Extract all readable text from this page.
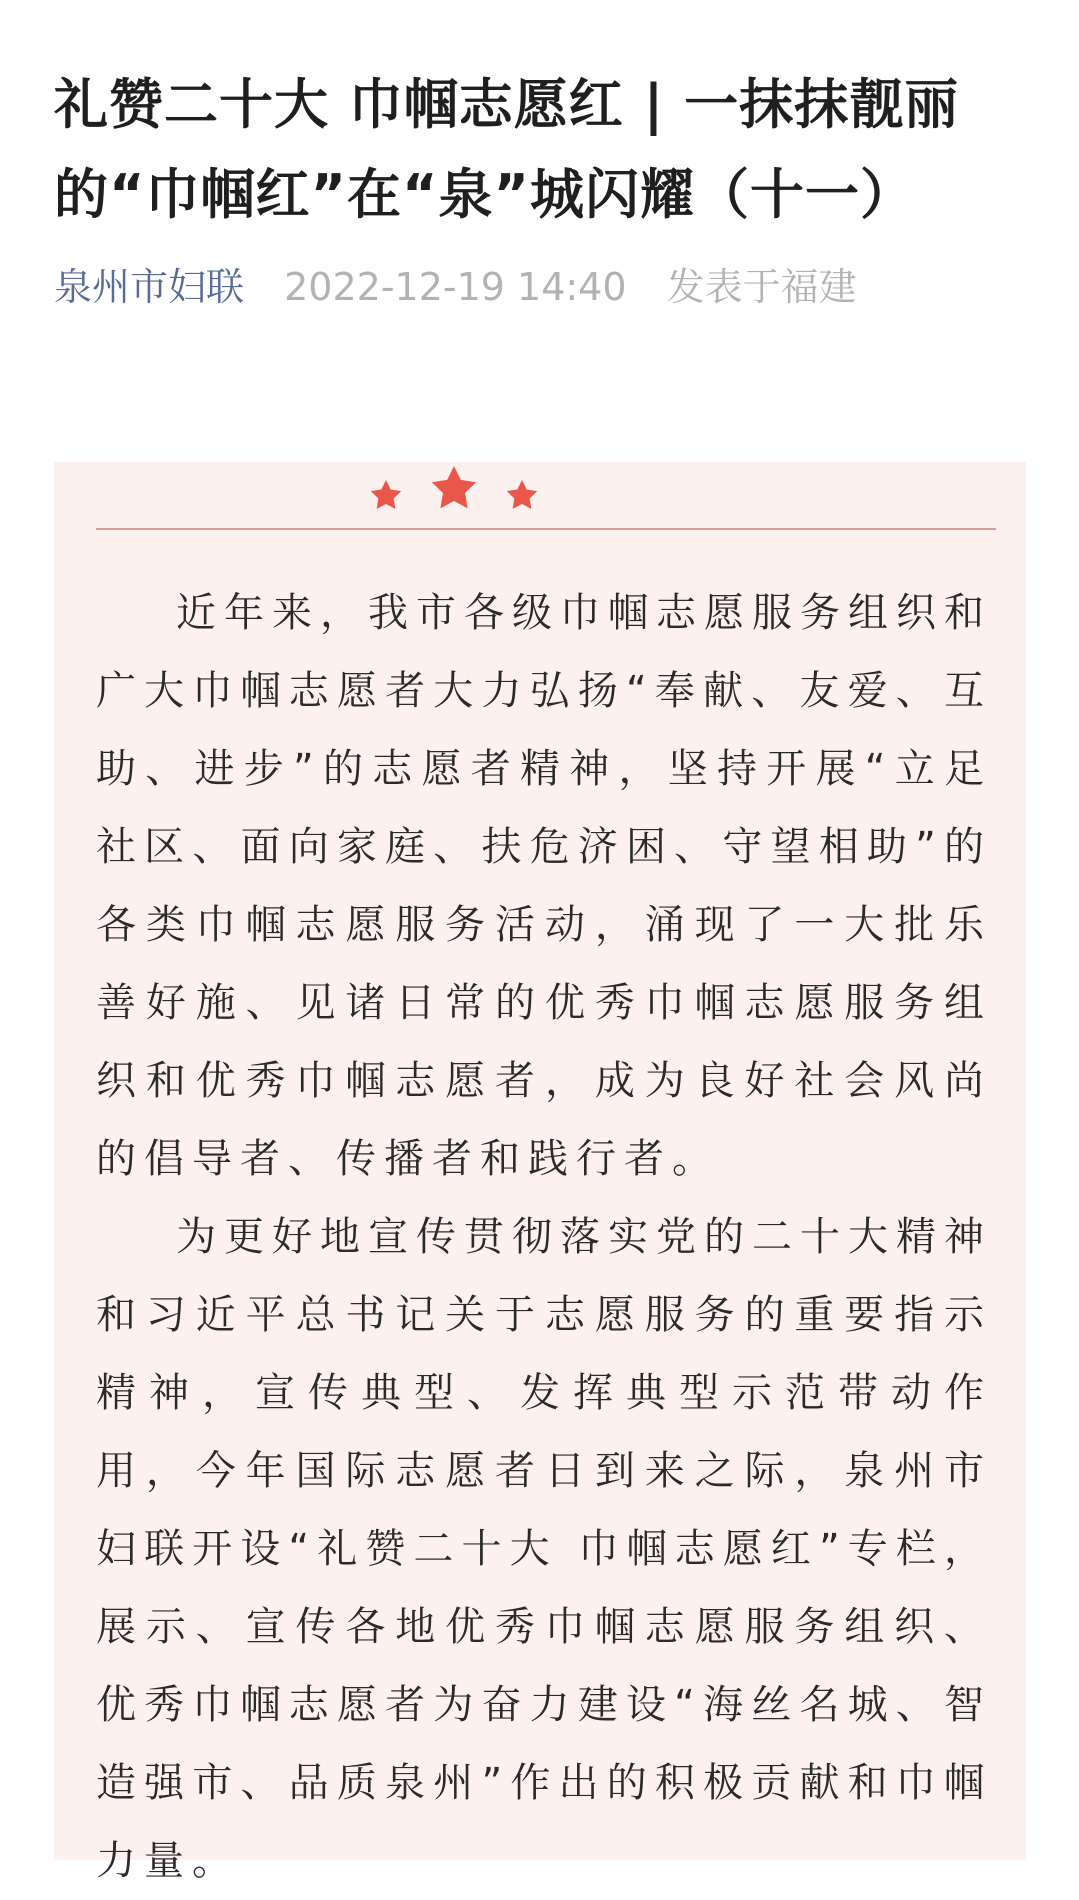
礼赞二十大 巾帼志愿红 | 一抹抹靓丽的“巾帼红”在“泉”城闪耀（十一）
泉州市妇联 2022-12-19 14:40 发表于福建

近年来，我市各级巾帼志愿服务组织和广大巾帼志愿者大力弘扬“奉献、友爱、互助、进步”的志愿者精神，坚持开展“立足社区、面向家庭、扶危济困、守望相助”的各类巾帼志愿服务活动，涌现了一大批乐善好施、见诸日常的优秀巾帼志愿服务组织和优秀巾帼志愿者，成为良好社会风尚的倡导者、传播者和践行者。

为更好地宣传贯彻落实党的二十大精神和习近平总书记关于志愿服务的重要指示精神，宣传典型、发挥典型示范带动作用，今年国际志愿者日到来之际，泉州市妇联开设“礼赞二十大 巾帼志愿红”专栏，展示、宣传各地优秀巾帼志愿服务组织、优秀巾帼志愿者为奋力建设“海丝名城、智造强市、品质泉州”作出的积极贡献和巾帼力量。
